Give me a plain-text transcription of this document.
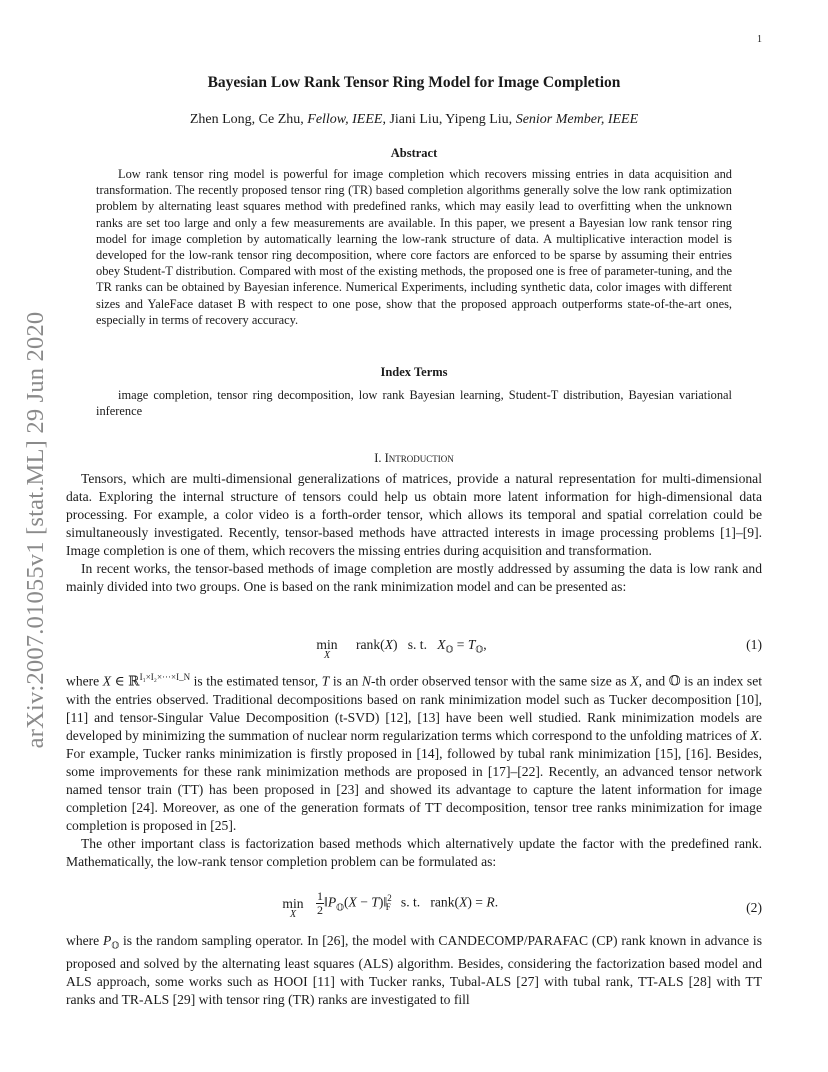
1
arXiv:2007.01055v1 [stat.ML] 29 Jun 2020
Bayesian Low Rank Tensor Ring Model for Image Completion
Zhen Long, Ce Zhu, Fellow, IEEE, Jiani Liu, Yipeng Liu, Senior Member, IEEE
Abstract
Low rank tensor ring model is powerful for image completion which recovers missing entries in data acquisition and transformation. The recently proposed tensor ring (TR) based completion algorithms generally solve the low rank optimization problem by alternating least squares method with predefined ranks, which may easily lead to overfitting when the unknown ranks are set too large and only a few measurements are available. In this paper, we present a Bayesian low rank tensor ring model for image completion by automatically learning the low-rank structure of data. A multiplicative interaction model is developed for the low-rank tensor ring decomposition, where core factors are enforced to be sparse by assuming their entries obey Student-T distribution. Compared with most of the existing methods, the proposed one is free of parameter-tuning, and the TR ranks can be obtained by Bayesian inference. Numerical Experiments, including synthetic data, color images with different sizes and YaleFace dataset B with respect to one pose, show that the proposed approach outperforms state-of-the-art ones, especially in terms of recovery accuracy.
Index Terms
image completion, tensor ring decomposition, low rank Bayesian learning, Student-T distribution, Bayesian variational inference
I. Introduction

Tensors, which are multi-dimensional generalizations of matrices, provide a natural representation for multi-dimensional data. Exploring the internal structure of tensors could help us obtain more latent information for high-dimensional data processing. For example, a color video is a forth-order tensor, which allows its temporal and spatial correlation could be simultaneously investigated. Recently, tensor-based methods have attracted interests in image processing problems [1]–[9]. Image completion is one of them, which recovers the missing entries during acquisition and transformation.

In recent works, the tensor-based methods of image completion are mostly addressed by assuming the data is low rank and mainly divided into two groups. One is based on the rank minimization model and can be presented as:

min
X
rank(X)   s. t.   $X_𝕆 = T_𝕆$,	(1)

where X ∈ ℝ$^{I_1\times I_2\times\cdot\cdot\cdot\times I\_N}$ is the estimated tensor, T is an N-th order observed tensor with the same size as X, and 𝕆 is an index set with the entries observed. Traditional decompositions based on rank minimization model such as Tucker decomposition [10], [11] and tensor-Singular Value Decomposition (t-SVD) [12], [13] have been well studied. Rank minimization models are developed by minimizing the summation of nuclear norm regularization terms which correspond to the unfolding matrices of X. For example, Tucker ranks minimization is firstly proposed in [14], followed by tubal rank minimization [15], [16]. Besides, some improvements for these rank minimization methods are proposed in [17]–[22]. Recently, an advanced tensor network named tensor train (TT) has been proposed in [23] and showed its advantage to capture the latent information for image completion [24]. Moreover, as one of the generation formats of TT decomposition, tensor tree ranks minimization for image completion is proposed in [25].

The other important class is factorization based methods which alternatively update the factor with the predefined rank. Mathematically, the low-rank tensor completion problem can be formulated as:

min
X	$\frac{1}{2}$ $‖P_𝕆(X$ − T)‖$^2_F$   s. t.   rank(X) = R.	(2)

where $P_𝕆$ is the random sampling operator. In [26], the model with CANDECOMP/PARAFAC (CP) rank known in advance is proposed and solved by the alternating least squares (ALS) algorithm. Besides, considering the factorization based model and ALS approach, some works such as HOOI [11] with Tucker ranks, Tubal-ALS [27] with tubal rank, TT-ALS [28] with TT ranks and TR-ALS [29] with tensor ring (TR) ranks are investigated to fill
